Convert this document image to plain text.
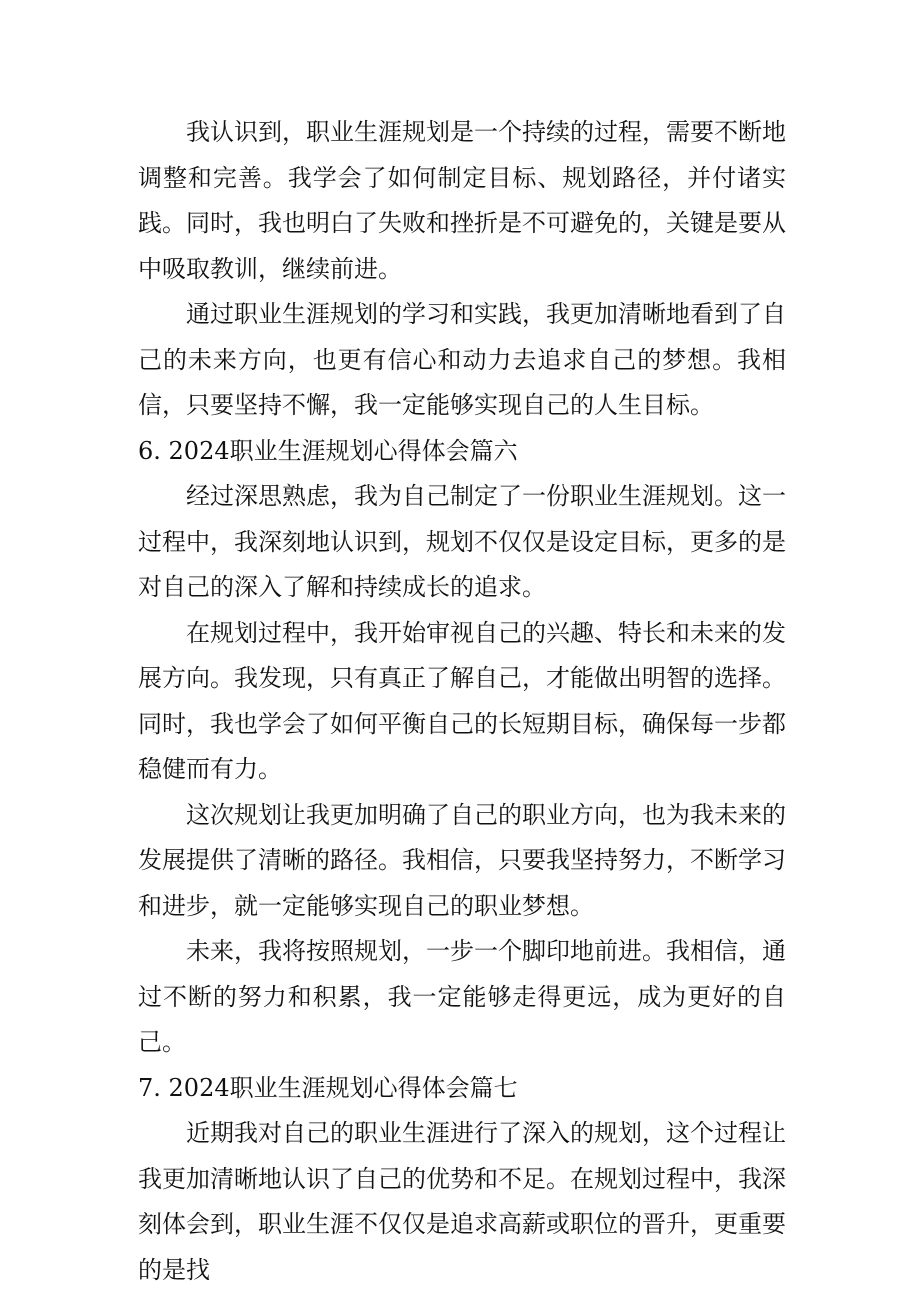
我认识到，职业生涯规划是一个持续的过程，需要不断地调整和完善。我学会了如何制定目标、规划路径，并付诸实践。同时，我也明白了失败和挫折是不可避免的，关键是要从中吸取教训，继续前进。

通过职业生涯规划的学习和实践，我更加清晰地看到了自己的未来方向，也更有信心和动力去追求自己的梦想。我相信，只要坚持不懈，我一定能够实现自己的人生目标。

6. 2024职业生涯规划心得体会篇六

经过深思熟虑，我为自己制定了一份职业生涯规划。这一过程中，我深刻地认识到，规划不仅仅是设定目标，更多的是对自己的深入了解和持续成长的追求。

在规划过程中，我开始审视自己的兴趣、特长和未来的发展方向。我发现，只有真正了解自己，才能做出明智的选择。同时，我也学会了如何平衡自己的长短期目标，确保每一步都稳健而有力。

这次规划让我更加明确了自己的职业方向，也为我未来的发展提供了清晰的路径。我相信，只要我坚持努力，不断学习和进步，就一定能够实现自己的职业梦想。

未来，我将按照规划，一步一个脚印地前进。我相信，通过不断的努力和积累，我一定能够走得更远，成为更好的自己。

7. 2024职业生涯规划心得体会篇七

近期我对自己的职业生涯进行了深入的规划，这个过程让我更加清晰地认识了自己的优势和不足。在规划过程中，我深刻体会到，职业生涯不仅仅是追求高薪或职位的晋升，更重要的是找
